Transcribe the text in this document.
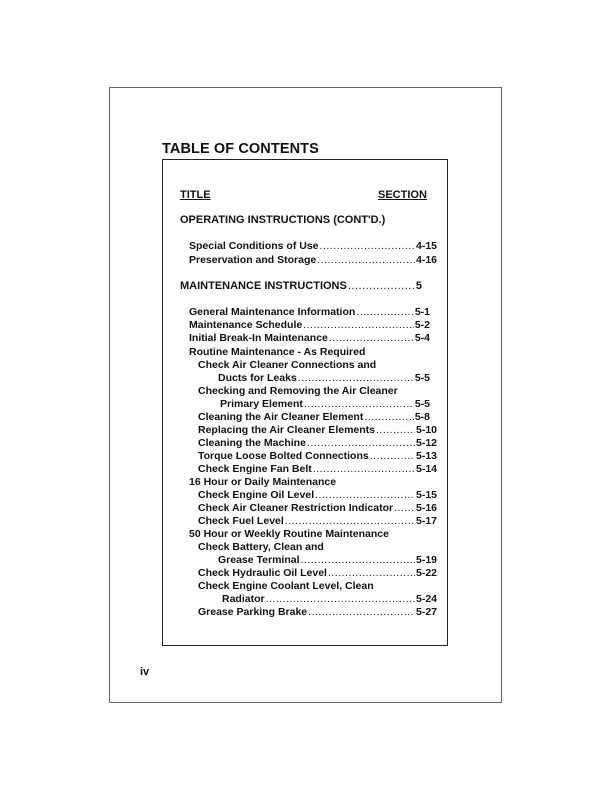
TABLE OF CONTENTS
TITLE	SECTION
OPERATING INSTRUCTIONS (CONT'D.)
Special Conditions of Use .....	4-15
Preservation and Storage .....	4-16
MAINTENANCE INSTRUCTIONS .....	5
General Maintenance Information .....	5-1
Maintenance Schedule .....	5-2
Initial Break-In Maintenance .....	5-4
Routine Maintenance - As Required
Check Air Cleaner Connections and
Ducts for Leaks .....	5-5
Checking and Removing the Air Cleaner
Primary Element .....	5-5
Cleaning the Air Cleaner Element .....	5-8
Replacing the Air Cleaner Elements .....	5-10
Cleaning the Machine .....	5-12
Torque Loose Bolted Connections .....	5-13
Check Engine Fan Belt .....	5-14
16 Hour or Daily Maintenance
Check Engine Oil Level .....	5-15
Check Air Cleaner Restriction Indicator ..... 5-16
Check Fuel Level .....	5-17
50 Hour or Weekly Routine Maintenance
Check Battery, Clean and
Grease Terminal .....	5-19
Check Hydraulic Oil Level .....	5-22
Check Engine Coolant Level, Clean
Radiator .....	5-24
Grease Parking Brake .....	5-27
iv
